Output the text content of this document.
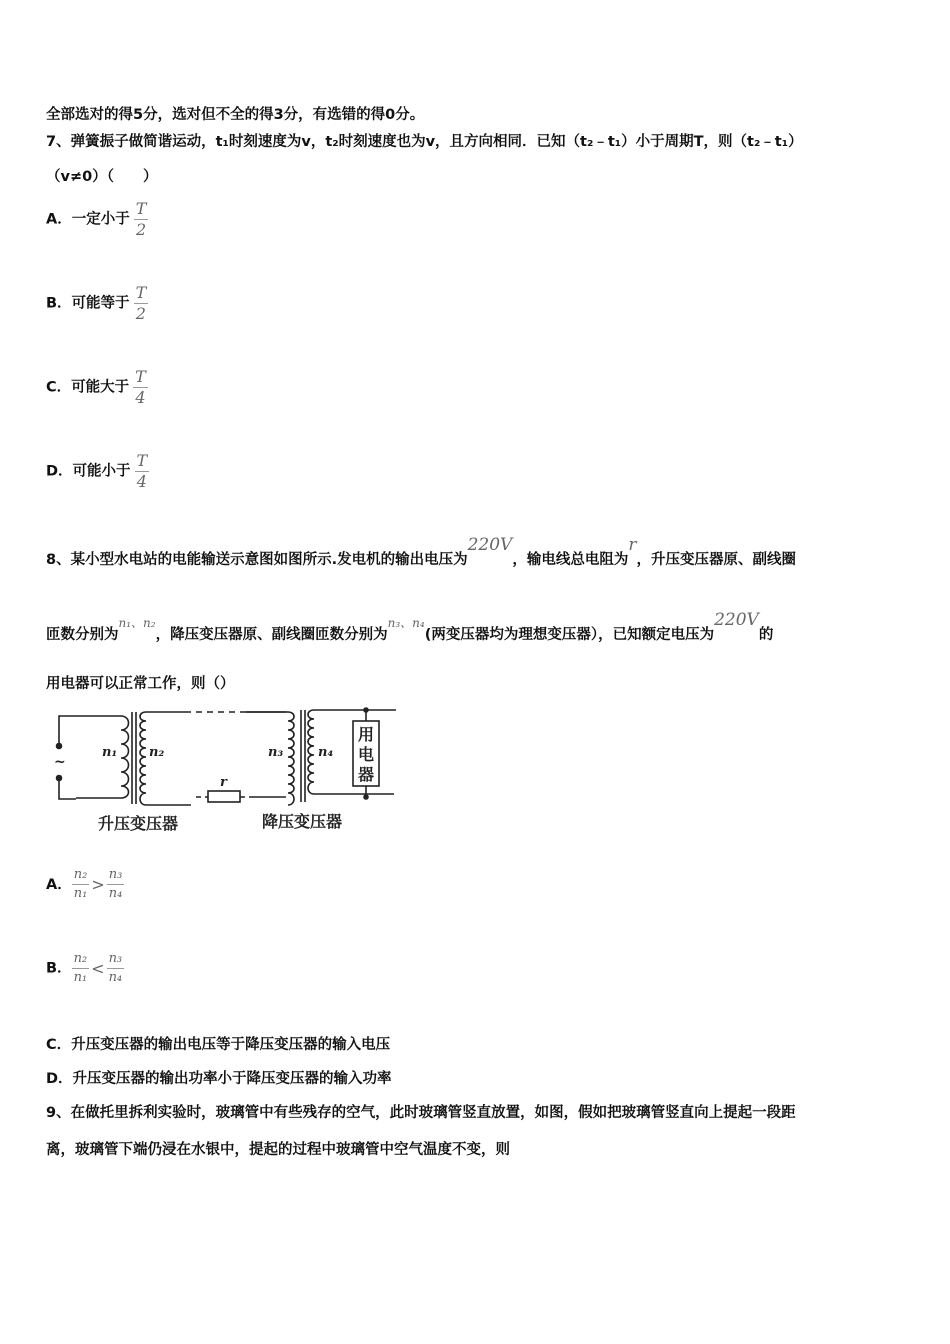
全部选对的得5分，选对但不全的得3分，有选错的得0分。
7、弹簧振子做简谐运动，t₁时刻速度为v，t₂时刻速度也为v，且方向相同．已知（t₂﹣t₁）小于周期T，则（t₂﹣t₁）
（v≠0）（　　）
A．一定小于 $\frac{T}{2}$
B．可能等于 $\frac{T}{2}$
C．可能大于 $\frac{T}{4}$
D．可能小于 $\frac{T}{4}$
8、某小型水电站的电能输送示意图如图所示.发电机的输出电压为220V，输电线总电阻为r，升压变压器原、副线圈
匝数分别为$^{n_1、n_2}$，降压变压器原、副线圈匝数分别为$^{n_3、n_4}$(两变压器均为理想变压器），已知额定电压为220V的
用电器可以正常工作，则（）
n₁ n₂	n₃	n₄
r
~
用
电
器
升压变压器	降压变压器
A． $\frac{\text{n₂}}{\text{n₁}} > \frac{\text{n₃}}{\text{n₄}}$
B． $\frac{\text{n₂}}{\text{n₁}} < \frac{\text{n₃}}{\text{n₄}}$
C．升压变压器的输出电压等于降压变压器的输入电压
D．升压变压器的输出功率小于降压变压器的输入功率
9、在做托里拆利实验时，玻璃管中有些残存的空气，此时玻璃管竖直放置，如图，假如把玻璃管竖直向上提起一段距
离，玻璃管下端仍浸在水银中，提起的过程中玻璃管中空气温度不变，则
